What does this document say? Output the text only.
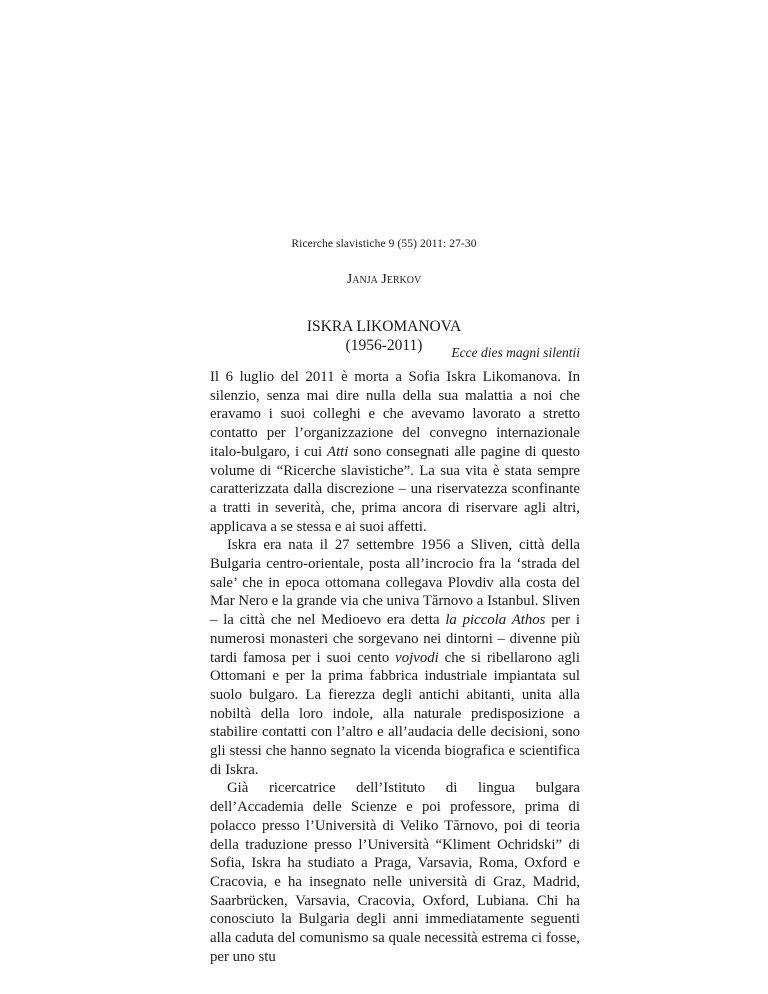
Ricerche slavistiche 9 (55) 2011: 27-30
Janja Jerkov
ISKRA LIKOMANOVA
(1956-2011)	Ecce dies magni silentii

Il 6 luglio del 2011 è morta a Sofia Iskra Likomanova. In silenzio, senza mai dire nulla della sua malattia a noi che eravamo i suoi colleghi e che avevamo lavorato a stretto contatto per l’organizzazione del convegno internazionale italo-bulgaro, i cui Atti sono consegnati alle pagine di questo volume di “Ricerche slavistiche”. La sua vita è stata sempre caratterizzata dalla discrezione – una riservatezza sconfinante a tratti in severità, che, prima ancora di riservare agli altri, applicava a se stessa e ai suoi affetti.

Iskra era nata il 27 settembre 1956 a Sliven, città della Bulgaria centro-orientale, posta all’incrocio fra la ‘strada del sale’ che in epoca ottomana collegava Plovdiv alla costa del Mar Nero e la grande via che univa Tărnovo a Istanbul. Sliven – la città che nel Medioevo era detta la piccola Athos per i numerosi monasteri che sorgevano nei dintorni – divenne più tardi famosa per i suoi cento vojvodi che si ribellarono agli Ottomani e per la prima fabbrica industriale impiantata sul suolo bulgaro. La fierezza degli antichi abitanti, unita alla nobiltà della loro indole, alla naturale predisposizione a stabilire contatti con l’altro e all’audacia delle decisioni, sono gli stessi che hanno segnato la vicenda biografica e scientifica di Iskra.

Già ricercatrice dell’Istituto di lingua bulgara dell’Accademia delle Scienze e poi professore, prima di polacco presso l’Università di Veliko Tărnovo, poi di teoria della traduzione presso l’Università “Kliment Ochridski” di Sofia, Iskra ha studiato a Praga, Varsavia, Roma, Oxford e Cracovia, e ha insegnato nelle università di Graz, Madrid, Saarbrücken, Varsavia, Cracovia, Oxford, Lubiana. Chi ha conosciuto la Bulgaria degli anni immediatamente seguenti alla caduta del comunismo sa quale necessità estrema ci fosse, per uno stu
